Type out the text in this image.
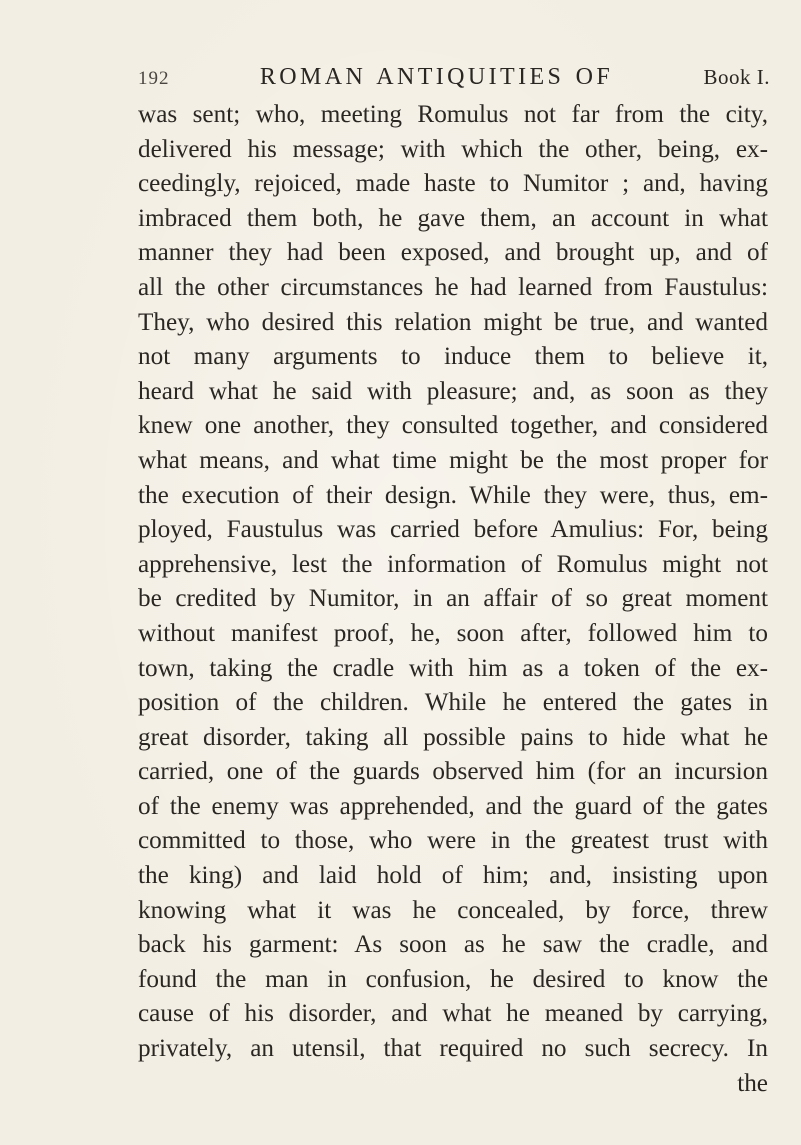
192	ROMAN ANTIQUITIES OF	Book I.
was sent; who, meeting Romulus not far from the city,
delivered his message; with which the other, being, ex-
ceedingly, rejoiced, made haste to Numitor ; and, having
imbraced them both, he gave them, an account in what
manner they had been exposed, and brought up, and of
all the other circumstances he had learned from Faustulus:
They, who desired this relation might be true, and wanted
not many arguments to induce them to believe it,
heard what he said with pleasure; and, as soon as they
knew one another, they consulted together, and considered
what means, and what time might be the most proper for
the execution of their design. While they were, thus, em-
ployed, Faustulus was carried before Amulius: For, being
apprehensive, lest the information of Romulus might not
be credited by Numitor, in an affair of so great moment
without manifest proof, he, soon after, followed him to
town, taking the cradle with him as a token of the ex-
position of the children. While he entered the gates in
great disorder, taking all possible pains to hide what he
carried, one of the guards observed him (for an incursion
of the enemy was apprehended, and the guard of the gates
committed to those, who were in the greatest trust with
the king) and laid hold of him; and, insisting upon
knowing what it was he concealed, by force, threw
back his garment: As soon as he saw the cradle, and
found the man in confusion, he desired to know the
cause of his disorder, and what he meaned by carrying,
privately, an utensil, that required no such secrecy. In
the
